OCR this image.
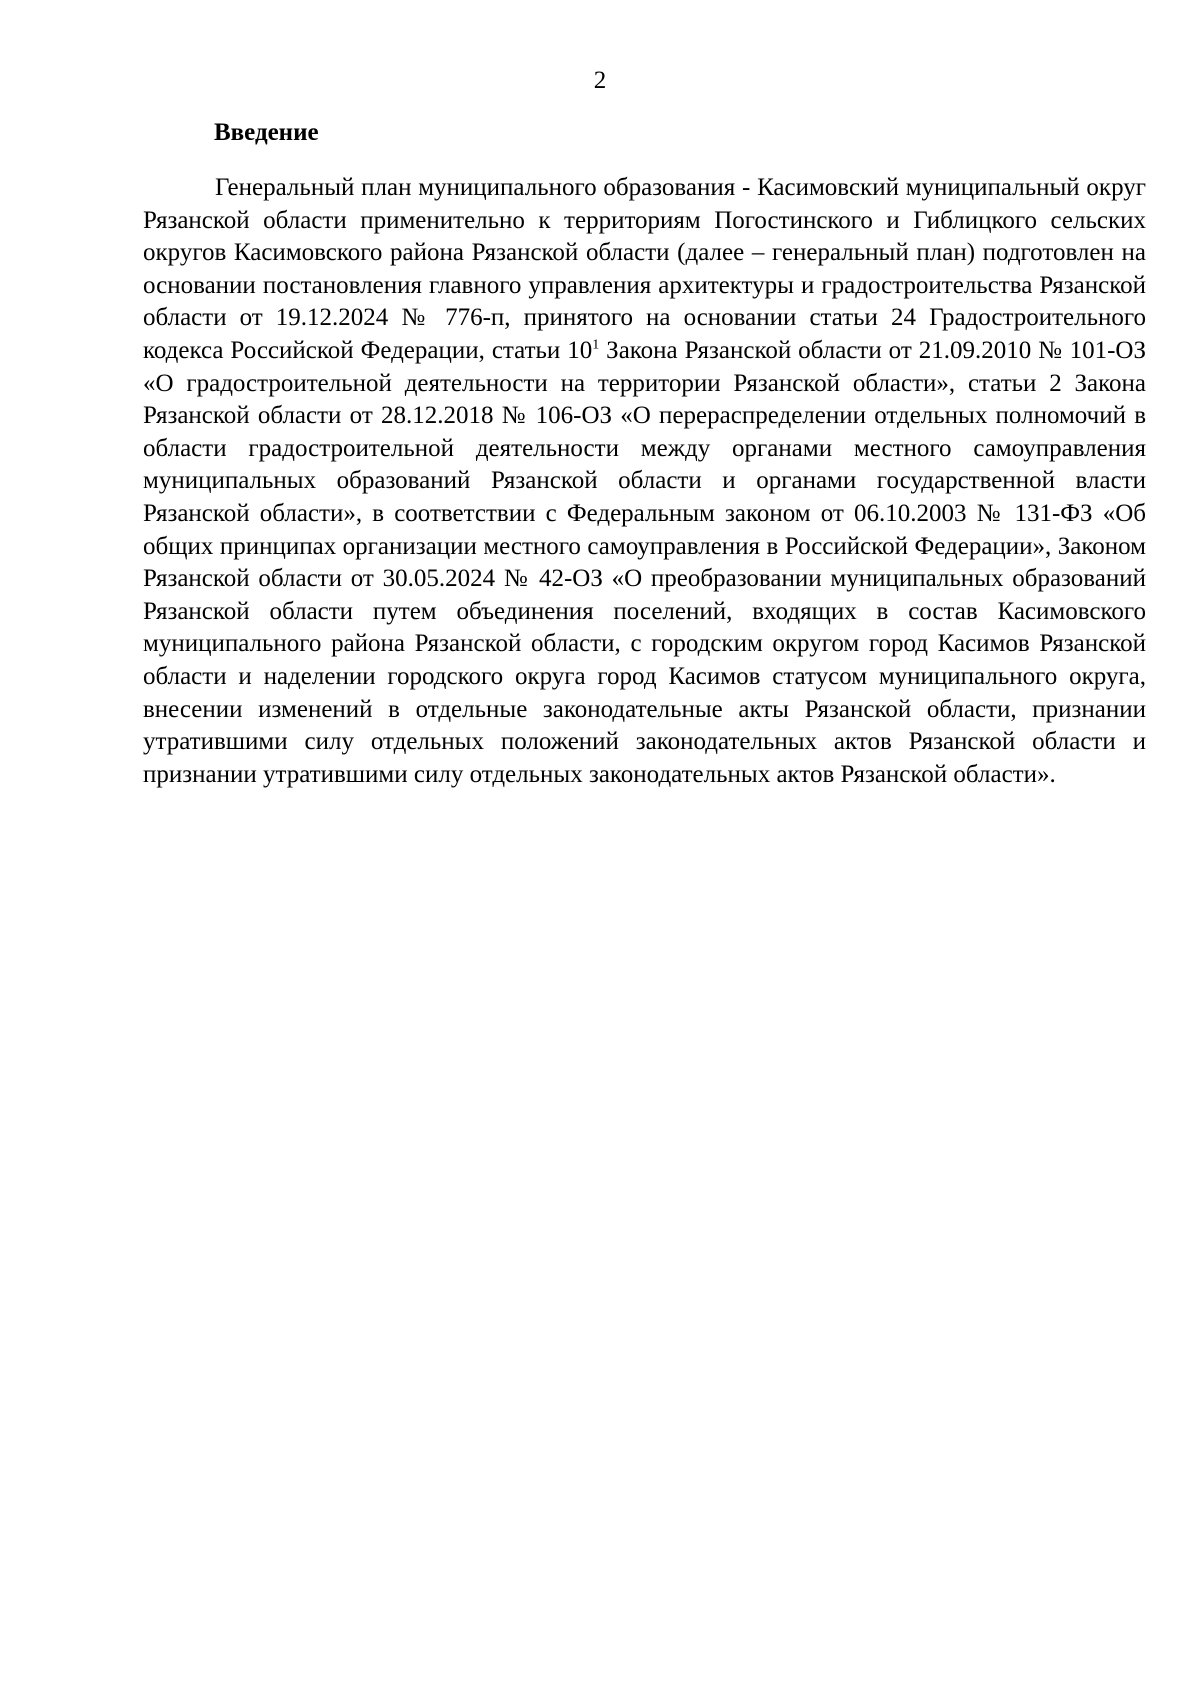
2
Введение

Генеральный план муниципального образования - Касимовский муниципальный округ Рязанской области применительно к территориям Погостинского и Гиблицкого сельских округов Касимовского района Рязанской области (далее – генеральный план) подготовлен на основании постановления главного управления архитектуры и градостроительства Рязанской области от 19.12.2024 № 776-п, принятого на основании статьи 24 Градостроительного кодекса Российской Федерации, статьи $10^1$ Закона Рязанской области от 21.09.2010 № 101-ОЗ «О градостроительной деятельности на территории Рязанской области», статьи 2 Закона Рязанской области от 28.12.2018 № 106-ОЗ «О перераспределении отдельных полномочий в области градостроительной деятельности между органами местного самоуправления муниципальных образований Рязанской области и органами государственной власти Рязанской области», в соответствии с Федеральным законом от 06.10.2003 № 131-ФЗ «Об общих принципах организации местного самоуправления в Российской Федерации», Законом Рязанской области от 30.05.2024 № 42-ОЗ «О преобразовании муниципальных образований Рязанской области путем объединения поселений, входящих в состав Касимовского муниципального района Рязанской области, с городским округом город Касимов Рязанской области и наделении городского округа город Касимов статусом муниципального округа, внесении изменений в отдельные законодательные акты Рязанской области, признании утратившими силу отдельных положений законодательных актов Рязанской области и признании утратившими силу отдельных законодательных актов Рязанской области».
